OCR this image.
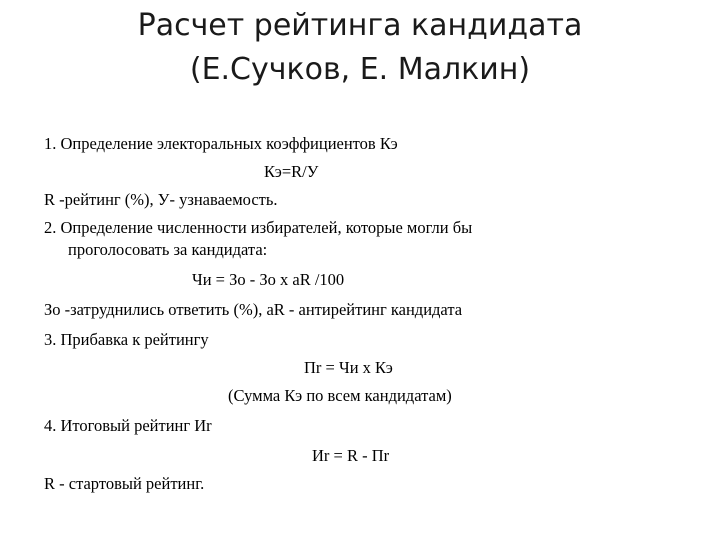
Расчет рейтинга кандидата
(Е.Сучков, Е. Малкин)
1. Определение электоральных коэффициентов Кэ
Кэ=R/У
R -рейтинг (%), У- узнаваемость.
2. Определение численности избирателей, которые могли бы
проголосовать за кандидата:
Чи = Зо - Зо х аR /100
Зо -затруднились ответить (%), аR - антирейтинг кандидата
3. Прибавка к рейтингу
Пr = Чи х Кэ
(Сумма Кэ по всем кандидатам)
4. Итоговый рейтинг Иr
Иr = R - Пr
R - стартовый рейтинг.
